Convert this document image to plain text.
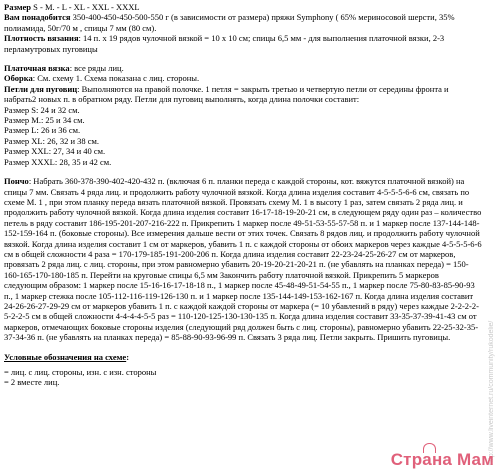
Размер S - M. - L - XL - XXL - XXXL

Вам понадобится 350-400-450-450-500-550 г (в зависимости от размера) пряжи Symphony ( 65% мериносовой шерсти, 35% полиамида, 50г/70 м , спицы 7 мм (80 см).

Плотность вязания: 14 п. х 19 рядов чулочной вязкой = 10 х 10 см; спицы 6,5 мм - для выполнения платочной вязки, 2-3 перламутровых пуговицы

Платочная вязка: все ряды лиц.

Оборка: См. схему 1. Схема показана с лиц. стороны.

Петли для пуговиц: Выполняются на правой полочке. 1 петля = закрыть третью и четвертую петли от середины фронта и набрать2 новых п. в обратном ряду. Петли для пуговиц выполнять, когда длина полочки составит:

Размер S: 24 и 32 см.

Размер M.: 25 и 34 см.

Размер L: 26 и 36 см.

Размер XL: 26, 32 и 38 см.

Размер XXL: 27, 34 и 40 см.

Размер XXXL: 28, 35 и 42 см.

Пончо: Набрать 360-378-390-402-420-432 п. (включая 6 п. планки переда с каждой стороны, кот. вяжутся платочной вязкой) на спицы 7 мм. Связать 4 ряда лиц. и продолжить работу чулочной вязкой. Когда длина изделия составит 4-5-5-5-6-6 см, связать по схеме М. 1 , при этом планку переда вязать платочной вязкой. Провязать схему М. 1 в высоту 1 раз, затем связать 2 ряда лиц. и продолжить работу чулочной вязкой. Когда длина изделия составит 16-17-18-19-20-21 см, в следующем ряду один раз – количество петель в ряду составит 186-195-201-207-216-222 п. Прикрепить 1 маркер после 49-51-53-55-57-58 п. и 1 маркер после 137-144-148-152-159-164 п. (боковые стороны). Все измерения дальше вести от этих точек. Связать 8 рядов лиц. и продолжить работу чулочной вязкой. Когда длина изделия составит 1 см от маркеров, убавить 1 п. с каждой стороны от обоих маркеров через каждые 4-5-5-5-6-6 см в общей сложности 4 раза = 170-179-185-191-200-206 п. Когда длина изделия составит 22-23-24-25-26-27 см от маркеров, провязать 2 ряда лиц. с лиц. стороны, при этом равномерно убавить 20-19-20-21-20-21 п. (не убавлять на планках переда) = 150-160-165-170-180-185 п. Перейти на круговые спицы 6,5 мм Закончить работу платочной вязкой. Прикрепить 5 маркеров следующим образом: 1 маркер после 15-16-16-17-18-18 п., 1 маркер после 45-48-49-51-54-55 п., 1 маркер после 75-80-83-85-90-93 п., 1 маркер стежка после 105-112-116-119-126-130 п. и 1 маркер после 135-144-149-153-162-167 п. Когда длина изделия составит 24-26-26-27-29-29 см от маркеров убавить 1 п. с каждой каждой стороны от маркера (= 10 убавлений в ряду) через каждые 2-2-2-2-5-2-2-5 см в общей сложности 4-4-4-4-5-5 раз = 110-120-125-130-130-135 п. Когда длина изделия составит 33-35-37-39-41-43 см от маркеров, отмечающих боковые стороны изделия (следующий ряд должен быть с лиц. стороны), равномерно убавить 22-25-32-35-37-34-36 п. (не убавлять на планках переда) = 85-88-90-93-96-99 п. Связать 3 ряда лиц. Петли закрыть. Пришить пуговицы.

Условные обозначения на схеме:

= лиц. с лиц. стороны, изн. с изн. стороны

= 2 вместе лиц.	http://www.liveinternet.ru/community/rukodelie/
Страна Мам
